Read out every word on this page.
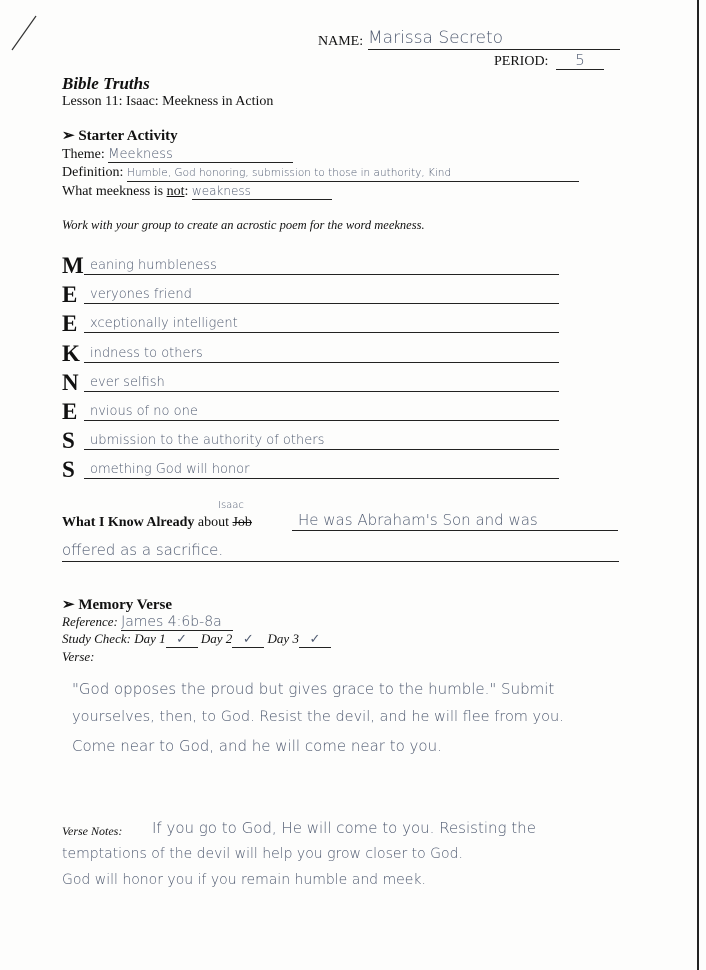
NAME: Marissa Secreto
PERIOD:	5
Bible Truths
Lesson 11: Isaac: Meekness in Action
➢ Starter Activity
Theme: Meekness
Definition: Humble, God honoring, submission to those in authority, Kind
What meekness is not: weakness
Work with your group to create an acrostic poem for the word meekness.
M eaning humbleness
E veryones friend
E xceptionally intelligent
K indness to others
N ever selfish
E nvious of no one
S	ubmission to the authority of others
S	omething God will honor
What I Know Already about Job
Isaac
He was Abraham's Son and was
offered as a sacrifice.
➢ Memory Verse
Reference: James 4:6b-8a
Study Check: Day 1 ✓ Day 2 ✓ Day 3 ✓
Verse:
"God opposes the proud but gives grace to the humble." Submit
yourselves, then, to God. Resist the devil, and he will flee from you.
Come near to God, and he will come near to you.
Verse Notes: If you go to God, He will come to you. Resisting the
temptations of the devil will help you grow closer to God.
God will honor you if you remain humble and meek.
